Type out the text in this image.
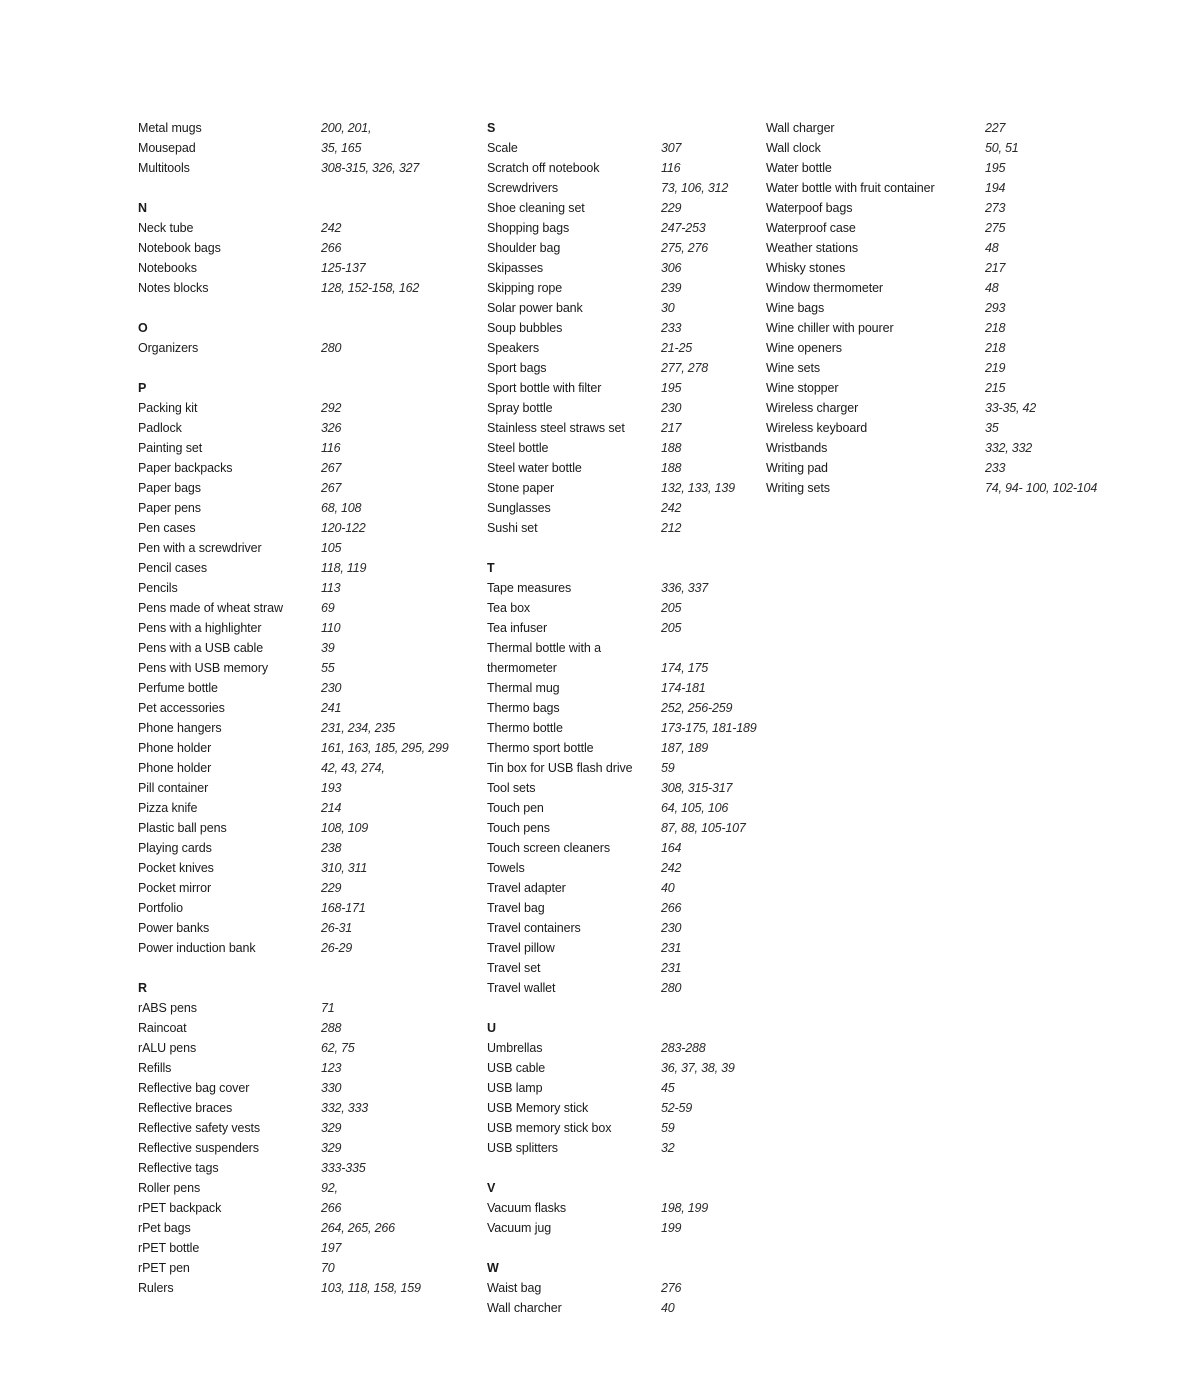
Metal mugs	200, 201,
Mousepad	35, 165
Multitools	308-315, 326, 327
N
Neck tube	242
Notebook bags	266
Notebooks	125-137
Notes blocks	128, 152-158, 162
O
Organizers	280
P
Packing kit	292
Padlock	326
Painting set	116
Paper backpacks	267
Paper bags	267
Paper pens	68, 108
Pen cases	120-122
Pen with a screwdriver	105
Pencil cases	118, 119
Pencils	113
Pens made of wheat straw	69
Pens with a highlighter	110
Pens with a USB cable	39
Pens with USB memory	55
Perfume bottle	230
Pet accessories	241
Phone hangers	231, 234, 235
Phone holder	161, 163, 185, 295, 299
Phone holder	42, 43, 274,
Pill container	193
Pizza knife	214
Plastic ball pens	108, 109
Playing cards	238
Pocket knives	310, 311
Pocket mirror	229
Portfolio	168-171
Power banks	26-31
Power induction bank	26-29
R
rABS pens	71
Raincoat	288
rALU pens	62, 75
Refills	123
Reflective bag cover	330
Reflective braces	332, 333
Reflective safety vests	329
Reflective suspenders	329
Reflective tags	333-335
Roller pens	92,
rPET backpack	266
rPet bags	264, 265, 266
rPET bottle	197
rPET pen	70
Rulers	103, 118, 158, 159
S
Scale	307
Scratch off notebook	116
Screwdrivers	73, 106, 312
Shoe cleaning set	229
Shopping bags	247-253
Shoulder bag	275, 276
Skipasses	306
Skipping rope	239
Solar power bank	30
Soup bubbles	233
Speakers	21-25
Sport bags	277, 278
Sport bottle with filter	195
Spray bottle	230
Stainless steel straws set	217
Steel bottle	188
Steel water bottle	188
Stone paper	132, 133, 139
Sunglasses	242
Sushi set	212
T
Tape measures	336, 337
Tea box	205
Tea infuser	205
Thermal bottle with a
thermometer	174, 175
Thermal mug	174-181
Thermo bags	252, 256-259
Thermo bottle	173-175, 181-189
Thermo sport bottle	187, 189
Tin box for USB flash drive 59
Tool sets	308, 315-317
Touch pen	64, 105, 106
Touch pens	87, 88, 105-107
Touch screen cleaners	164
Towels	242
Travel adapter	40
Travel bag	266
Travel containers	230
Travel pillow	231
Travel set	231
Travel wallet	280
U
Umbrellas	283-288
USB cable	36, 37, 38, 39
USB lamp	45
USB Memory stick	52-59
USB memory stick box	59
USB splitters	32
V
Vacuum flasks	198, 199
Vacuum jug	199
W
Waist bag	276
Wall charcher	40
Wall charger	227
Wall clock	50, 51
Water bottle	195
Water bottle with fruit container	194
Waterpoof bags	273
Waterproof case	275
Weather stations	48
Whisky stones	217
Window thermometer	48
Wine bags	293
Wine chiller with pourer	218
Wine openers	218
Wine sets	219
Wine stopper	215
Wireless charger	33-35, 42
Wireless keyboard	35
Wristbands	332, 332
Writing pad	233
Writing sets	74, 94- 100, 102-104
